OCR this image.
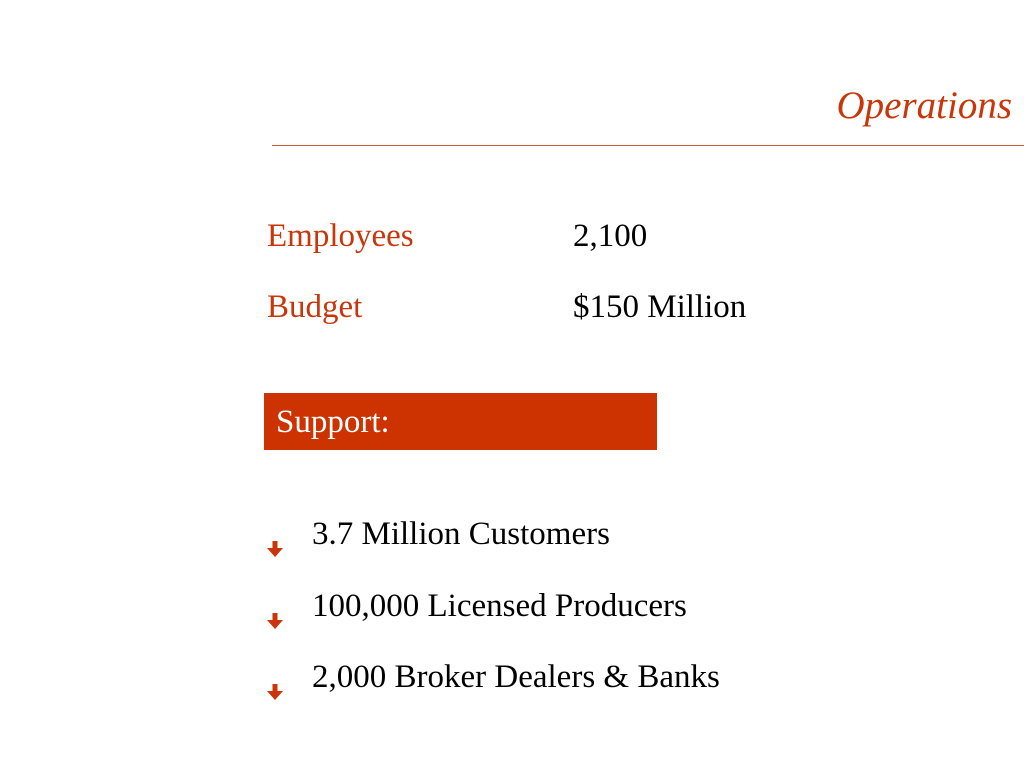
Operations
Employees	2,100
Budget	$150 Million
Support:
3.7 Million Customers
100,000 Licensed Producers
2,000 Broker Dealers & Banks
